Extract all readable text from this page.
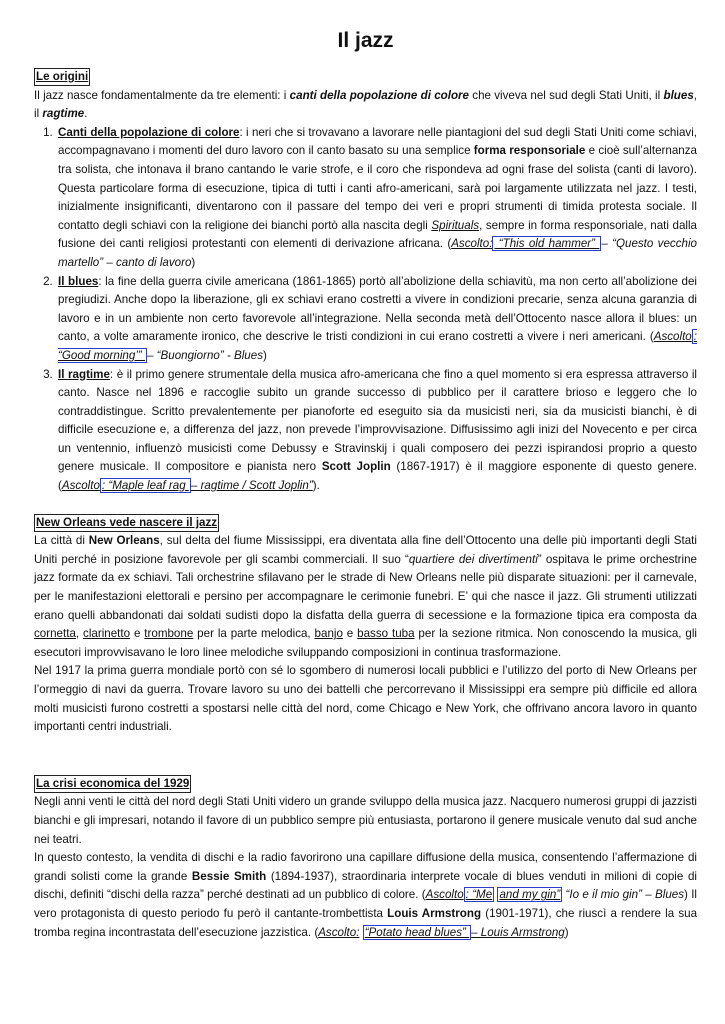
Il jazz
Le origini

Il jazz nasce fondamentalmente da tre elementi: i canti della popolazione di colore che viveva nel sud degli Stati Uniti, il blues, il ragtime.

1. Canti della popolazione di colore: i neri che si trovavano a lavorare nelle piantagioni del sud degli Stati Uniti come schiavi, accompagnavano i momenti del duro lavoro con il canto basato su una semplice forma responsoriale e cioè sull’alternanza tra solista, che intonava il brano cantando le varie strofe, e il coro che rispondeva ad ogni frase del solista (canti di lavoro). Questa particolare forma di esecuzione, tipica di tutti i canti afro-americani, sarà poi largamente utilizzata nel jazz. I testi, inizialmente insignificanti, diventarono con il passare del tempo dei veri e propri strumenti di timida protesta sociale. Il contatto degli schiavi con la religione dei bianchi portò alla nascita degli Spirituals, sempre in forma responsoriale, nati dalla fusione dei canti religiosi protestanti con elementi di derivazione africana. (Ascolto: “This old hammer” – “Questo vecchio martello” – canto di lavoro)
2. Il blues: la fine della guerra civile americana (1861-1865) portò all’abolizione della schiavitù, ma non certo all’abolizione dei pregiudizi. Anche dopo la liberazione, gli ex schiavi erano costretti a vivere in condizioni precarie, senza alcuna garanzia di lavoro e in un ambiente non certo favorevole all’integrazione. Nella seconda metà dell’Ottocento nasce allora il blues: un canto, a volte amaramente ironico, che descrive le tristi condizioni in cui erano costretti a vivere i neri americani. (Ascolto : “Good morning’” – “Buongiorno” - Blues)
3. Il ragtime: è il primo genere strumentale della musica afro-americana che fino a quel momento si era espressa attraverso il canto. Nasce nel 1896 e raccoglie subito un grande successo di pubblico per il carattere brioso e leggero che lo contraddistingue. Scritto prevalentemente per pianoforte ed eseguito sia da musicisti neri, sia da musicisti bianchi, è di difficile esecuzione e, a differenza del jazz, non prevede l’improvvisazione. Diffusissimo agli inizi del Novecento e per circa un ventennio, influenzò musicisti come Debussy e Stravinskij i quali composero dei pezzi ispirandosi proprio a questo genere musicale. Il compositore e pianista nero Scott Joplin (1867-1917) è il maggiore esponente di questo genere.(Ascolto : “Maple leaf rag – ragtime / Scott Joplin”).
New Orleans vede nascere il jazz

La città di New Orleans, sul delta del fiume Mississippi, era diventata alla fine dell’Ottocento una delle più importanti degli Stati Uniti perché in posizione favorevole per gli scambi commerciali. Il suo “quartiere dei divertimenti” ospitava le prime orchestrine jazz formate da ex schiavi. Tali orchestrine sfilavano per le strade di New Orleans nelle più disparate situazioni: per il carnevale, per le manifestazioni elettorali e persino per accompagnare le cerimonie funebri. E’ qui che nasce il jazz. Gli strumenti utilizzati erano quelli abbandonati dai soldati sudisti dopo la disfatta della guerra di secessione e la formazione tipica era composta da cornetta, clarinetto e trombone per la parte melodica, banjo e basso tuba per la sezione ritmica. Non conoscendo la musica, gli esecutori improvvisavano le loro linee melodiche sviluppando composizioni in continua trasformazione.

Nel 1917 la prima guerra mondiale portò con sé lo sgombero di numerosi locali pubblici e l’utilizzo del porto di New Orleans per l’ormeggio di navi da guerra. Trovare lavoro su uno dei battelli che percorrevano il Mississippi era sempre più difficile ed allora molti musicisti furono costretti a spostarsi nelle città del nord, come Chicago e New York, che offrivano ancora lavoro in quanto importanti centri industriali.

La crisi economica del 1929

Negli anni venti le città del nord degli Stati Uniti videro un grande sviluppo della musica jazz. Nacquero numerosi gruppi di jazzisti bianchi e gli impresari, notando il favore di un pubblico sempre più entusiasta, portarono il genere musicale venuto dal sud anche nei teatri.

In questo contesto, la vendita di dischi e la radio favorirono una capillare diffusione della musica, consentendo l’affermazione di grandi solisti come la grande Bessie Smith (1894-1937), straordinaria interprete vocale di blues venduti in milioni di copie di dischi, definiti “dischi della razza” perché destinati ad un pubblico di colore. (Ascolto : “Me and my gin” “Io e il mio gin” – Blues) Il vero protagonista di questo periodo fu però il cantante-trombettista Louis Armstrong (1901-1971), che riuscì a rendere la sua tromba regina incontrastata dell’esecuzione jazzistica. (Ascolto: “Potato head blues” – Louis Armstrong)
